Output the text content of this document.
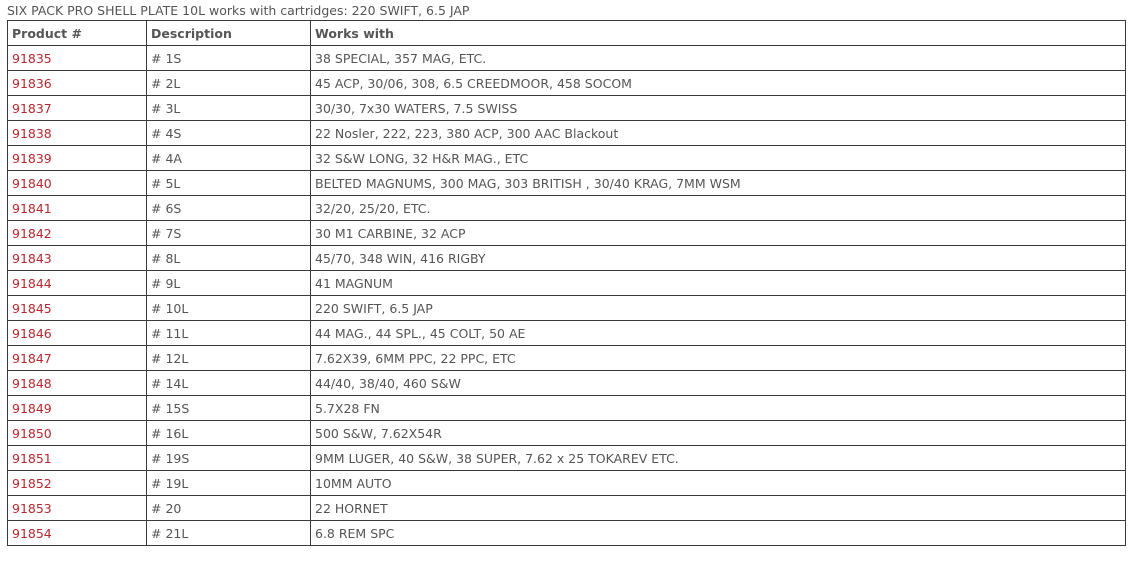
SIX PACK PRO SHELL PLATE 10L works with cartridges: 220 SWIFT, 6.5 JAP
Product #	Description	Works with
91835	# 1S	38 SPECIAL, 357 MAG, ETC.
91836	# 2L	45 ACP, 30/06, 308, 6.5 CREEDMOOR, 458 SOCOM
91837	# 3L	30/30, 7x30 WATERS, 7.5 SWISS
91838	# 4S	22 Nosler, 222, 223, 380 ACP, 300 AAC Blackout
91839	# 4A	32 S&W LONG, 32 H&R MAG., ETC
91840	# 5L	BELTED MAGNUMS, 300 MAG, 303 BRITISH , 30/40 KRAG, 7MM WSM
91841	# 6S	32/20, 25/20, ETC.
91842	# 7S	30 M1 CARBINE, 32 ACP
91843	# 8L	45/70, 348 WIN, 416 RIGBY
91844	# 9L	41 MAGNUM
91845	# 10L	220 SWIFT, 6.5 JAP
91846	# 11L	44 MAG., 44 SPL., 45 COLT, 50 AE
91847	# 12L	7.62X39, 6MM PPC, 22 PPC, ETC
91848	# 14L	44/40, 38/40, 460 S&W
91849	# 15S	5.7X28 FN
91850	# 16L	500 S&W, 7.62X54R
91851	# 19S	9MM LUGER, 40 S&W, 38 SUPER, 7.62 x 25 TOKAREV ETC.
91852	# 19L	10MM AUTO
91853	# 20	22 HORNET
91854	# 21L	6.8 REM SPC
